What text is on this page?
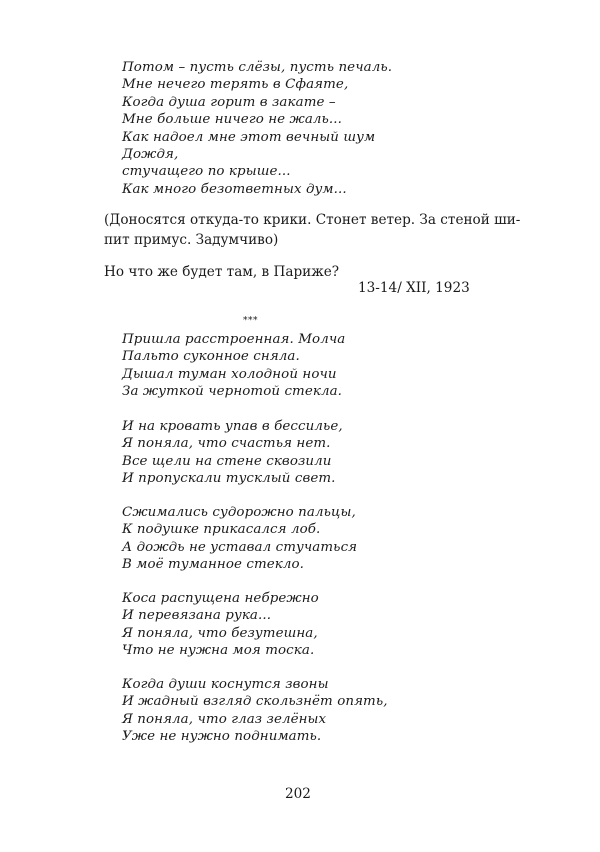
Потом – пусть слёзы, пусть печаль.
Мне нечего терять в Сфаяте,
Когда душа горит в закате –
Мне больше ничего не жаль...
Как надоел мне этот вечный шум
Дождя,
стучащего по крыше...
Как много безответных дум...
(Доносятся откуда-то крики. Стонет ветер. За стеной ши-
пит примус. Задумчиво)
Но что же будет там, в Париже?
13-14/ XII, 1923
***
Пришла расстроенная. Молча
Пальто суконное сняла.
Дышал туман холодной ночи
За жуткой чернотой стекла.
И на кровать упав в бессилье,
Я поняла, что счастья нет.
Все щели на стене сквозили
И пропускали тусклый свет.
Сжимались судорожно пальцы,
К подушке прикасался лоб.
А дождь не уставал стучаться
В моё туманное стекло.
Коса распущена небрежно
И перевязана рука...
Я поняла, что безутешна,
Что не нужна моя тоска.
Когда души коснутся звоны
И жадный взгляд скользнёт опять,
Я поняла, что глаз зелёных
Уже не нужно поднимать.
202
